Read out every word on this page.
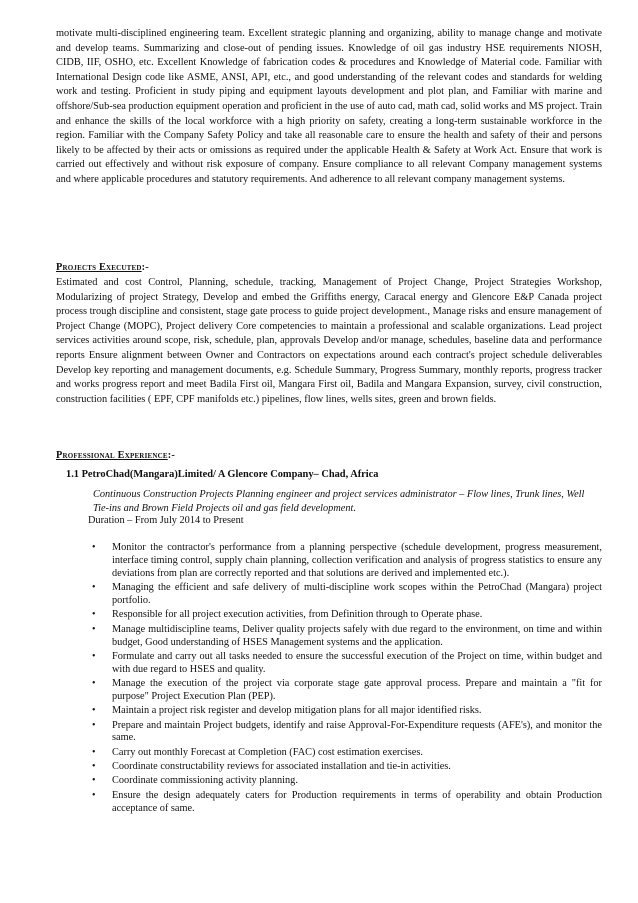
motivate multi-disciplined engineering team. Excellent strategic planning and organizing, ability to manage change and motivate and develop teams. Summarizing and close-out of pending issues. Knowledge of oil gas industry HSE requirements NIOSH, CIDB, IIF, OSHO, etc. Excellent Knowledge of fabrication codes & procedures and Knowledge of Material code. Familiar with International Design code like ASME, ANSI, API, etc., and good understanding of the relevant codes and standards for welding work and testing. Proficient in study piping and equipment layouts development and plot plan, and Familiar with marine and offshore/Sub-sea production equipment operation and proficient in the use of auto cad, math cad, solid works and MS project. Train and enhance the skills of the local workforce with a high priority on safety, creating a long-term sustainable workforce in the region. Familiar with the Company Safety Policy and take all reasonable care to ensure the health and safety of their and persons likely to be affected by their acts or omissions as required under the applicable Health & Safety at Work Act. Ensure that work is carried out effectively and without risk exposure of company. Ensure compliance to all relevant Company management systems and where applicable procedures and statutory requirements. And adherence to all relevant company management systems.

Projects Executed:-

Estimated and cost Control, Planning, schedule, tracking, Management of Project Change, Project Strategies Workshop, Modularizing of project Strategy, Develop and embed the Griffiths energy, Caracal energy and Glencore E&P Canada project process trough discipline and consistent, stage gate process to guide project development., Manage risks and ensure management of Project Change (MOPC), Project delivery Core competencies to maintain a professional and scalable organizations. Lead project services activities around scope, risk, schedule, plan, approvals Develop and/or manage, schedules, baseline data and performance reports Ensure alignment between Owner and Contractors on expectations around each contract's project schedule deliverables Develop key reporting and management documents, e.g. Schedule Summary, Progress Summary, monthly reports, progress tracker and works progress report and meet Badila First oil, Mangara First oil, Badila and Mangara Expansion, survey, civil construction, construction facilities ( EPF, CPF manifolds etc.) pipelines, flow lines, wells sites, green and brown fields.

Professional Experience:-

1.1 PetroChad(Mangara)Limited/ A Glencore Company– Chad, Africa

Continuous Construction Projects Planning engineer and project services administrator – Flow lines, Trunk lines, Well Tie-ins and Brown Field Projects oil and gas field development.

Duration – From July 2014 to Present

•	Monitor the contractor's performance from a planning perspective (schedule development, progress measurement, interface timing control, supply chain planning, collection verification and analysis of progress statistics to ensure any deviations from plan are correctly reported and that solutions are derived and implemented etc.).
•	Managing the efficient and safe delivery of multi-discipline work scopes within the PetroChad (Mangara) project portfolio.
•	Responsible for all project execution activities, from Definition through to Operate phase.
•	Manage multidiscipline teams, Deliver quality projects safely with due regard to the environment, on time and within budget, Good understanding of HSES Management systems and the application.
•	Formulate and carry out all tasks needed to ensure the successful execution of the Project on time, within budget and with due regard to HSES and quality.
•	Manage the execution of the project via corporate stage gate approval process. Prepare and maintain a "fit for purpose" Project Execution Plan (PEP).
•	Maintain a project risk register and develop mitigation plans for all major identified risks.
•	Prepare and maintain Project budgets, identify and raise Approval-For-Expenditure requests (AFE's), and monitor the same.
•	Carry out monthly Forecast at Completion (FAC) cost estimation exercises.
•	Coordinate constructability reviews for associated installation and tie-in activities.
•	Coordinate commissioning activity planning.
•	Ensure the design adequately caters for Production requirements in terms of operability and obtain Production acceptance of same.
